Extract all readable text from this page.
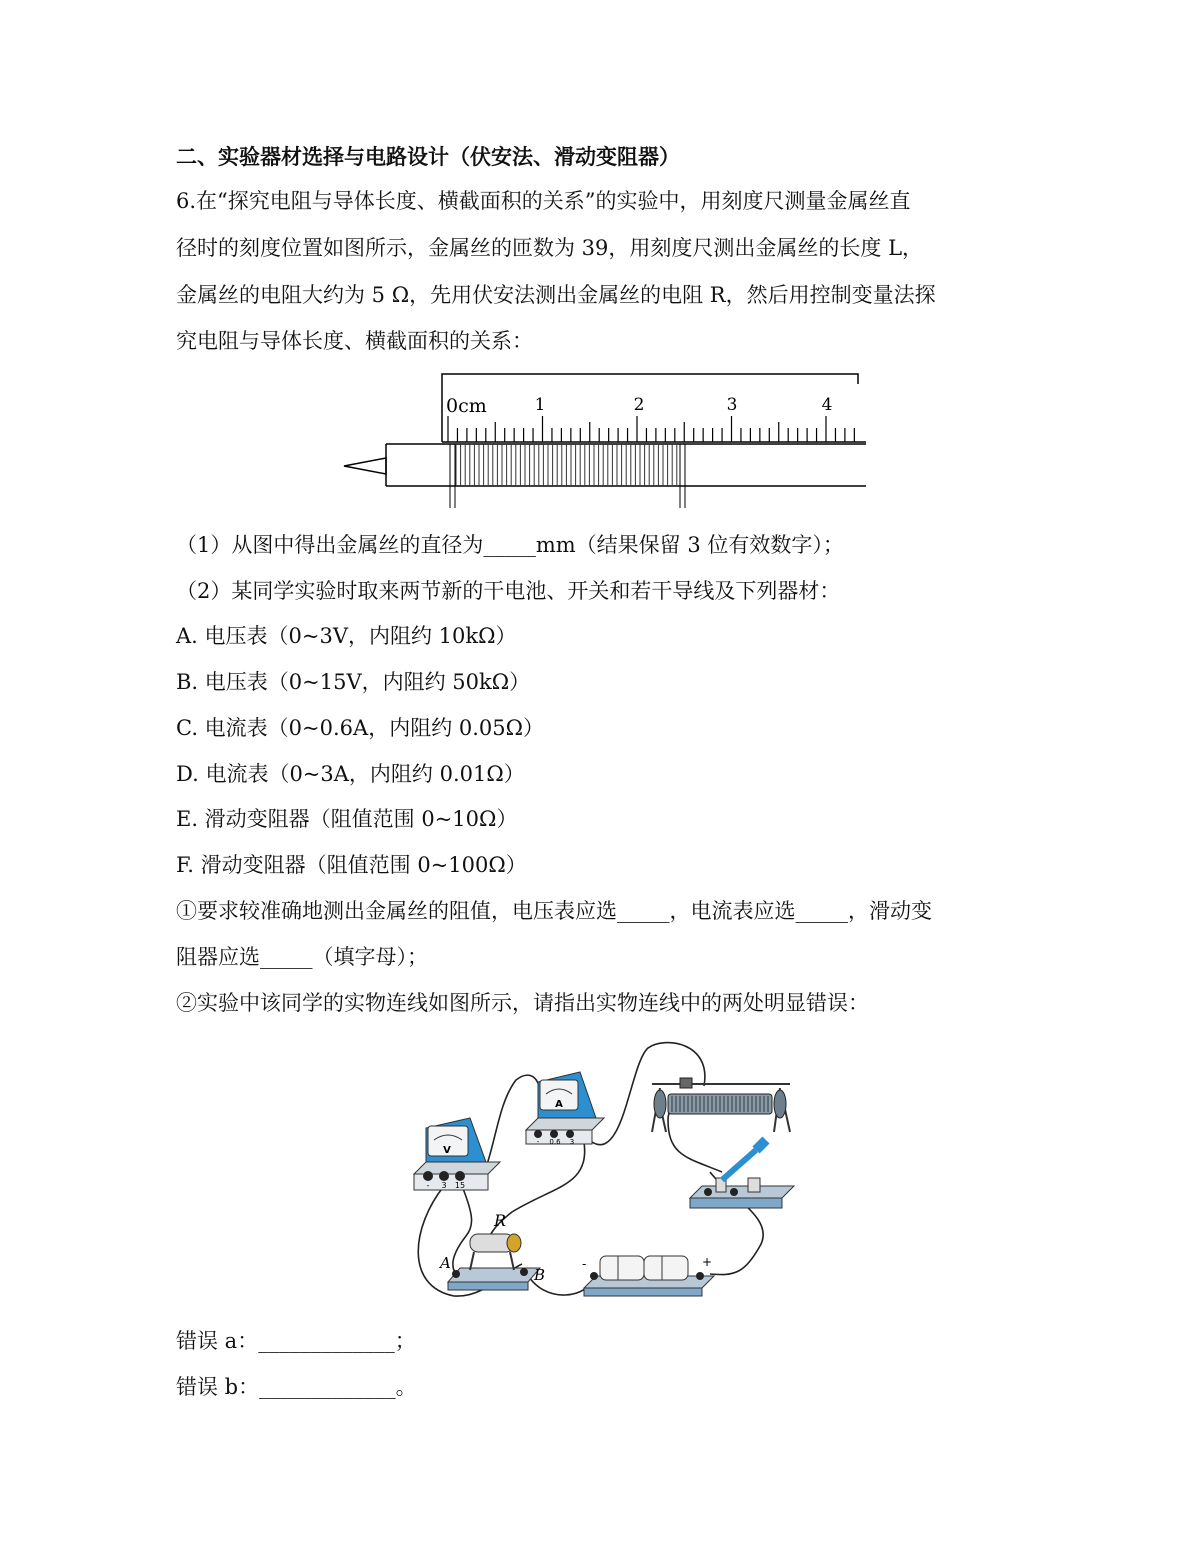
二、实验器材选择与电路设计（伏安法、滑动变阻器）
6.在“探究电阻与导体长度、横截面积的关系”的实验中，用刻度尺测量金属丝直
径时的刻度位置如图所示，金属丝的匝数为 39，用刻度尺测出金属丝的长度 L，
金属丝的电阻大约为 5 Ω，先用伏安法测出金属丝的电阻 R，然后用控制变量法探
究电阻与导体长度、横截面积的关系：
0cm	1	2	3	4
（1）从图中得出金属丝的直径为_____mm（结果保留 3 位有效数字）；
（2）某同学实验时取来两节新的干电池、开关和若干导线及下列器材：
A. 电压表（0~3V，内阻约 10kΩ）
B. 电压表（0~15V，内阻约 50kΩ）
C. 电流表（0~0.6A，内阻约 0.05Ω）
D. 电流表（0~3A，内阻约 0.01Ω）
E. 滑动变阻器（阻值范围 0~10Ω）
F. 滑动变阻器（阻值范围 0~100Ω）
①要求较准确地测出金属丝的阻值，电压表应选_____，电流表应选_____，滑动变
阻器应选_____（填字母）；
②实验中该同学的实物连线如图所示，请指出实物连线中的两处明显错误：
V
- 3 15
A
- 0.6 3
R
A
B
-	+
错误 a：_____________；
错误 b：_____________。
